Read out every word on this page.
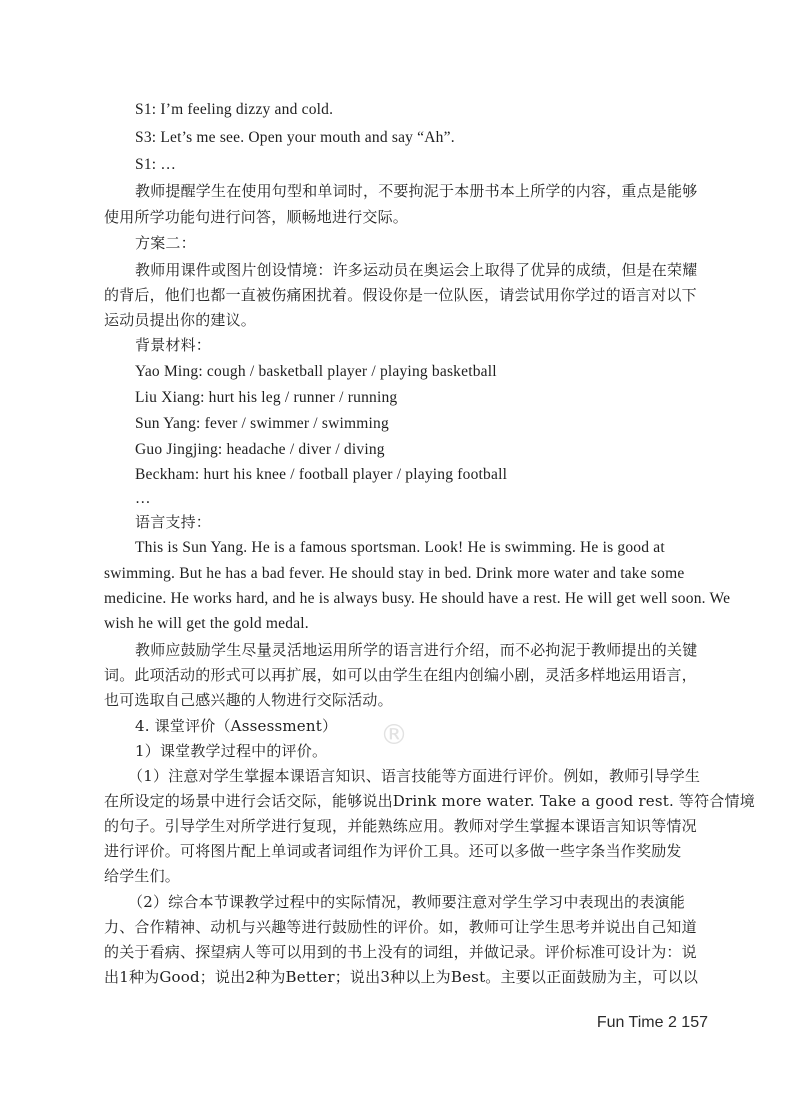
S1: I’m feeling dizzy and cold.
S3: Let’s me see. Open your mouth and say “Ah”.
S1: …
教师提醒学生在使用句型和单词时，不要拘泥于本册书本上所学的内容，重点是能够
使用所学功能句进行问答，顺畅地进行交际。
方案二：
教师用课件或图片创设情境：许多运动员在奥运会上取得了优异的成绩，但是在荣耀
的背后，他们也都一直被伤痛困扰着。假设你是一位队医，请尝试用你学过的语言对以下
运动员提出你的建议。
背景材料：
Yao Ming: cough / basketball player / playing basketball
Liu Xiang: hurt his leg / runner / running
Sun Yang: fever / swimmer / swimming
Guo Jingjing: headache / diver / diving
Beckham: hurt his knee / football player / playing football
…
语言支持：
This is Sun Yang. He is a famous sportsman. Look! He is swimming. He is good at
swimming. But he has a bad fever. He should stay in bed. Drink more water and take some
medicine. He works hard, and he is always busy. He should have a rest. He will get well soon. We
wish he will get the gold medal.
教师应鼓励学生尽量灵活地运用所学的语言进行介绍，而不必拘泥于教师提出的关键
词。此项活动的形式可以再扩展，如可以由学生在组内创编小剧，灵活多样地运用语言，
也可选取自己感兴趣的人物进行交际活动。
4. 课堂评价（Assessment）
1）课堂教学过程中的评价。 ®
（1）注意对学生掌握本课语言知识、语言技能等方面进行评价。例如，教师引导学生
在所设定的场景中进行会话交际，能够说出Drink more water. Take a good rest. 等符合情境
的句子。引导学生对所学进行复现，并能熟练应用。教师对学生掌握本课语言知识等情况
进行评价。可将图片配上单词或者词组作为评价工具。还可以多做一些字条当作奖励发
给学生们。
（2）综合本节课教学过程中的实际情况，教师要注意对学生学习中表现出的表演能
力、合作精神、动机与兴趣等进行鼓励性的评价。如，教师可让学生思考并说出自己知道
的关于看病、探望病人等可以用到的书上没有的词组，并做记录。评价标准可设计为：说
出1种为Good；说出2种为Better；说出3种以上为Best。主要以正面鼓励为主，可以以
Fun Time 2 157
